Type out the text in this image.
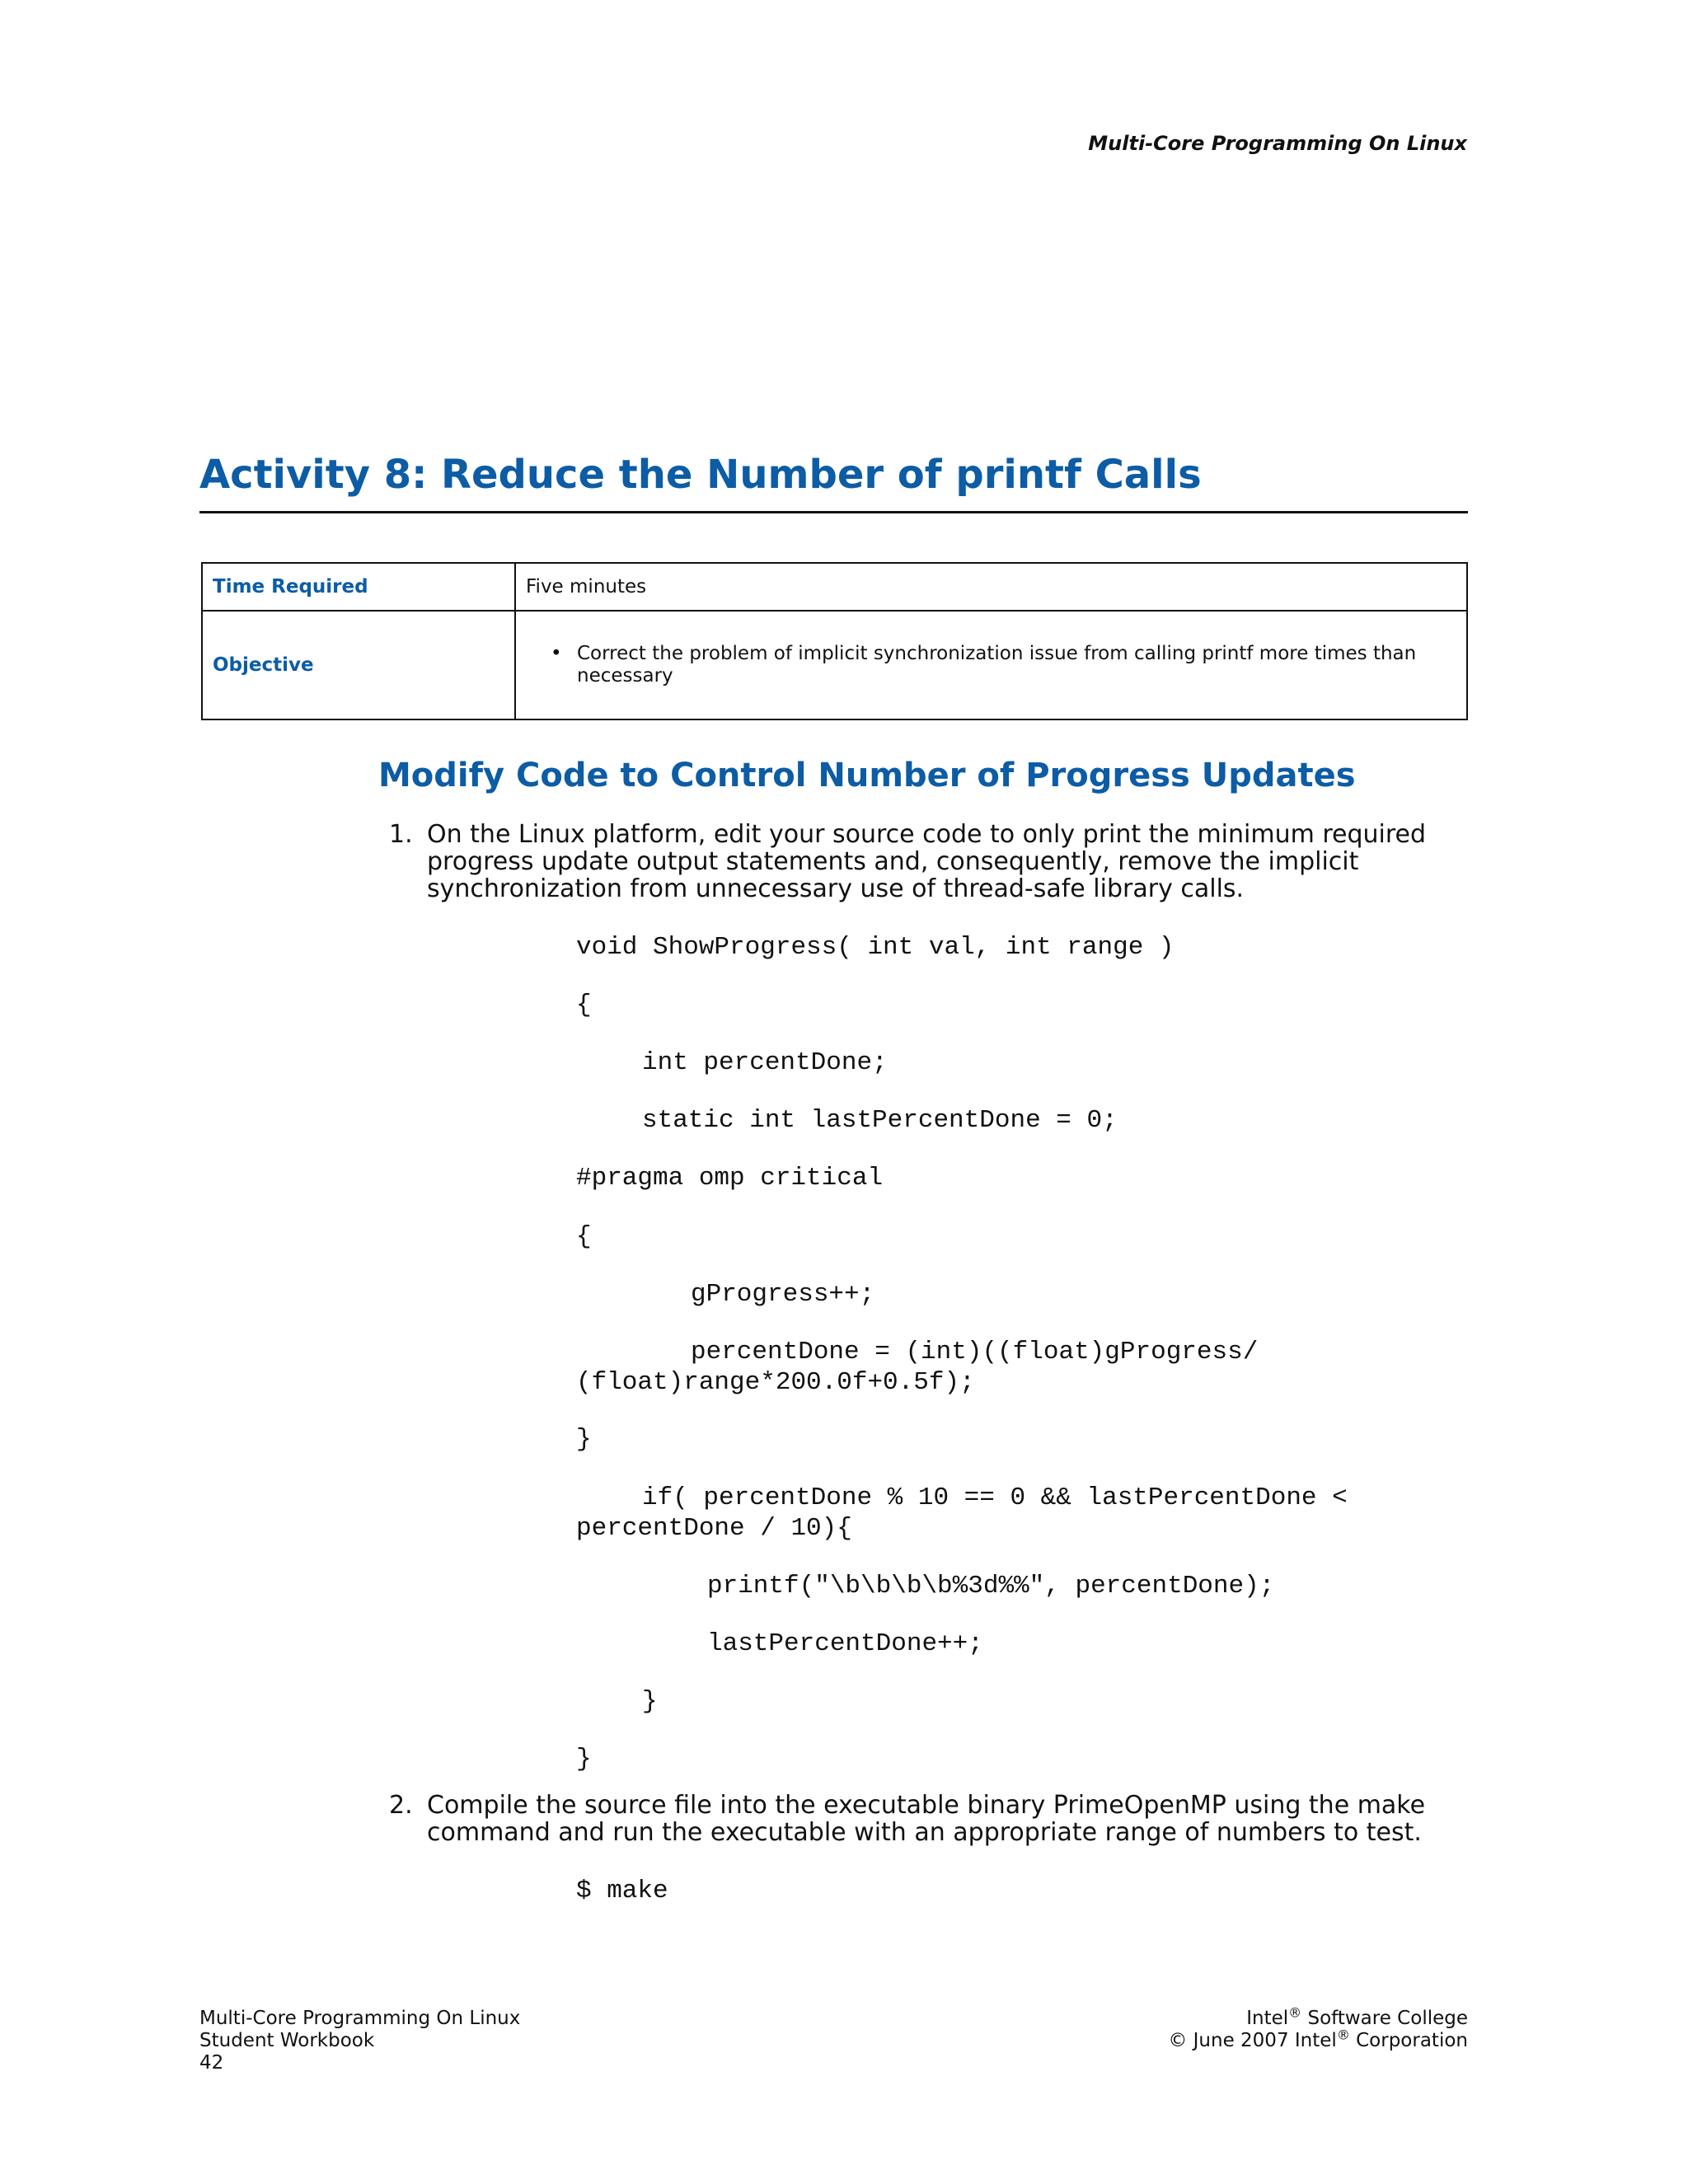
Multi-Core Programming On Linux
Activity 8: Reduce the Number of printf Calls
Time Required	Five minutes
Objective	• Correct the problem of implicit synchronization issue from calling printf more times than necessary
Modify Code to Control Number of Progress Updates
1. On the Linux platform, edit your source code to only print the minimum required progress update output statements and, consequently, remove the implicit synchronization from unnecessary use of thread-safe library calls.
void ShowProgress( int val, int range )
{
int percentDone;
static int lastPercentDone = 0;
#pragma omp critical
{
gProgress++;
percentDone = (int)((float)gProgress/
(float)range*200.0f+0.5f);
}
if( percentDone % 10 == 0 && lastPercentDone <
percentDone / 10){
printf("\b\b\b\b%3d%%", percentDone);
lastPercentDone++;
}
}
2. Compile the source file into the executable binary PrimeOpenMP using the make command and run the executable with an appropriate range of numbers to test.
$ make
Multi-Core Programming On Linux
Student Workbook
42
Intel® Software College
© June 2007 Intel® Corporation
